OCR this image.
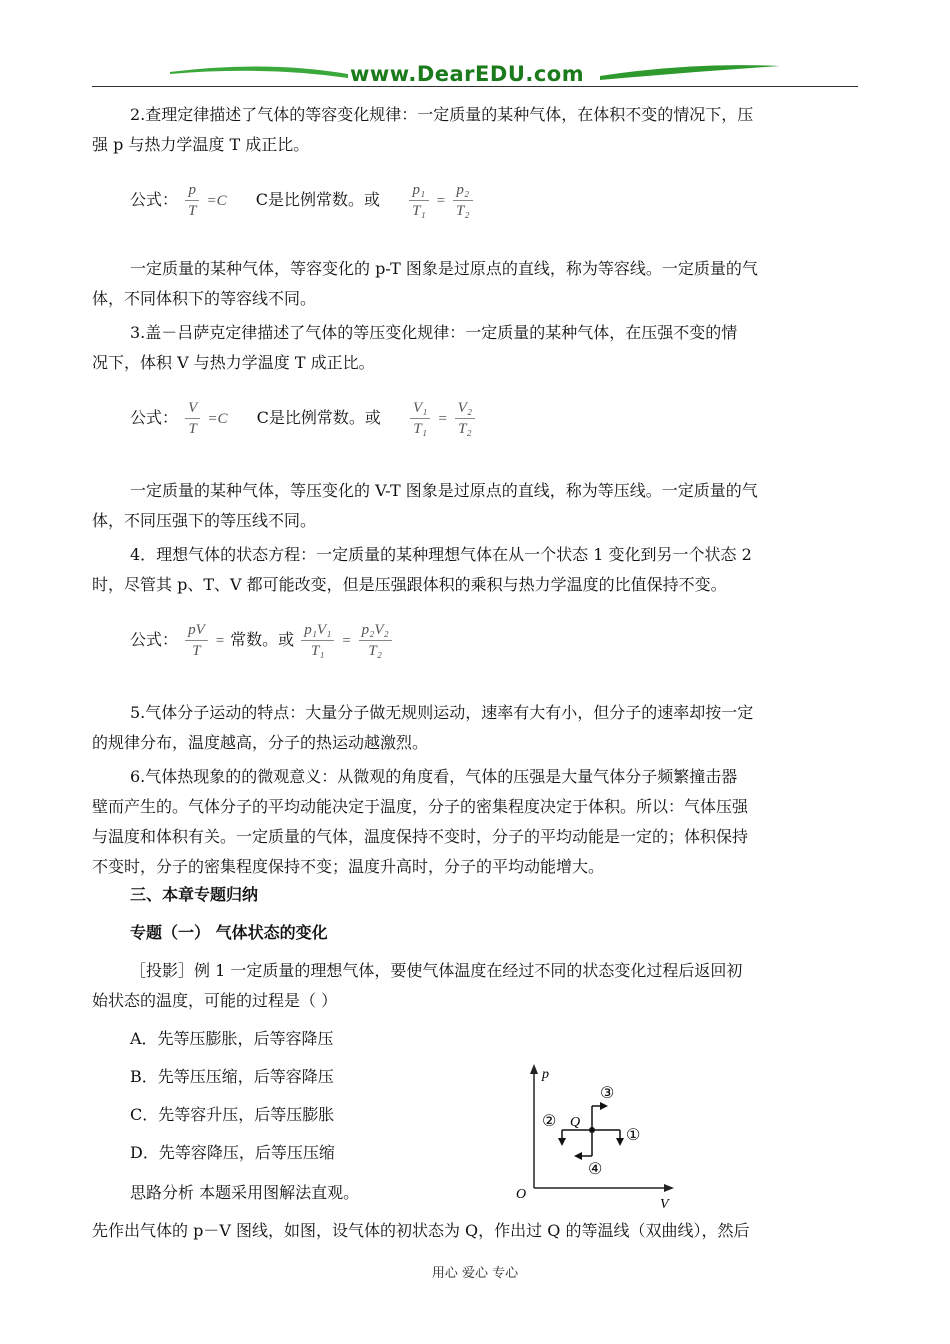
www.DearEDU.com
2.查理定律描述了气体的等容变化规律：一定质量的某种气体，在体积不变的情况下，压
强 p 与热力学温度 T 成正比。
公式： $\frac{p}{T} =C$ C是比例常数。或 $\frac{\text{p₁}}{\text{T₁}} = \frac{\text{p₂}}{\text{T₂}}$
一定质量的某种气体，等容变化的 p-T 图象是过原点的直线，称为等容线。一定质量的气
体，不同体积下的等容线不同。
3.盖－吕萨克定律描述了气体的等压变化规律：一定质量的某种气体，在压强不变的情
况下，体积 V 与热力学温度 T 成正比。
公式： $\frac{V}{T} =C$ C是比例常数。或 $\frac{\text{V₁}}{\text{T₁}} = \frac{\text{V₂}}{\text{T₂}}$
一定质量的某种气体，等压变化的 V-T 图象是过原点的直线，称为等压线。一定质量的气
体，不同压强下的等压线不同。
4．理想气体的状态方程：一定质量的某种理想气体在从一个状态 1 变化到另一个状态 2
时，尽管其 p、T、V 都可能改变，但是压强跟体积的乘积与热力学温度的比值保持不变。
公式： $\frac{pV}{T}$ = 常数。或 $\frac{\text{p₁V₁}}{\text{T₁}} = \frac{\text{p₂V₂}}{\text{T₂}}$
5.气体分子运动的特点：大量分子做无规则运动，速率有大有小，但分子的速率却按一定
的规律分布，温度越高，分子的热运动越激烈。
6.气体热现象的的微观意义：从微观的角度看，气体的压强是大量气体分子频繁撞击器
壁而产生的。气体分子的平均动能决定于温度，分子的密集程度决定于体积。所以：气体压强
与温度和体积有关。一定质量的气体，温度保持不变时，分子的平均动能是一定的；体积保持
不变时，分子的密集程度保持不变；温度升高时，分子的平均动能增大。
三、本章专题归纳
专题（一） 气体状态的变化
［投影］例 1 一定质量的理想气体，要使气体温度在经过不同的状态变化过程后返回初
始状态的温度，可能的过程是（ ）
A．先等压膨胀，后等容降压
B．先等压压缩，后等容降压
C．先等容升压，后等压膨胀
D．先等容降压，后等压压缩
思路分析 本题采用图解法直观。
先作出气体的 p－V 图线，如图，设气体的初状态为 Q，作出过 Q 的等温线（双曲线），然后
p
V
O
Q
①
②
③
④
用心 爱心 专心
